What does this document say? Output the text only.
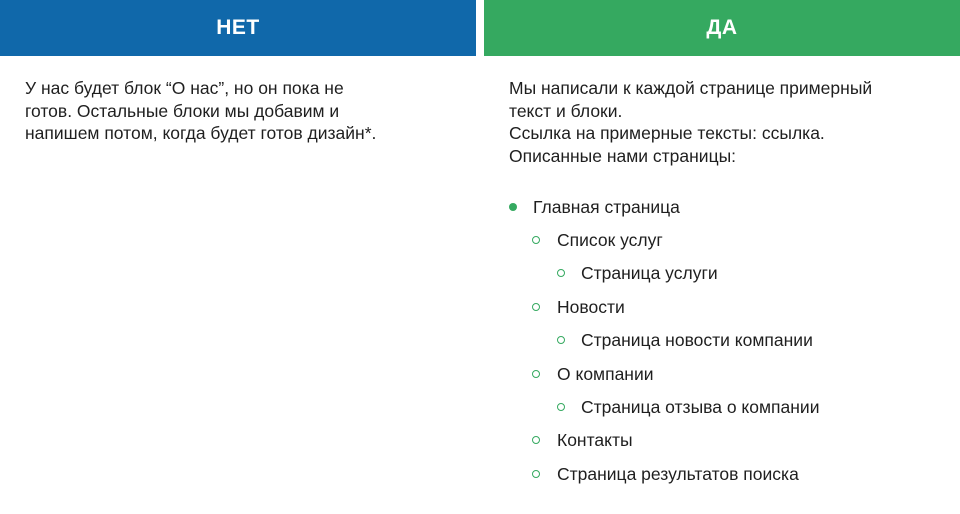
НЕТ
У нас будет блок “О нас”, но он пока не
готов. Остальные блоки мы добавим и
напишем потом, когда будет готов дизайн*.
ДА
Мы написали к каждой странице примерный
текст и блоки.
Ссылка на примерные тексты: ссылка.
Описанные нами страницы:
Главная страница
Список услуг
Страница услуги
Новости
Страница новости компании
О компании
Страница отзыва о компании
Контакты
Страница результатов поиска
